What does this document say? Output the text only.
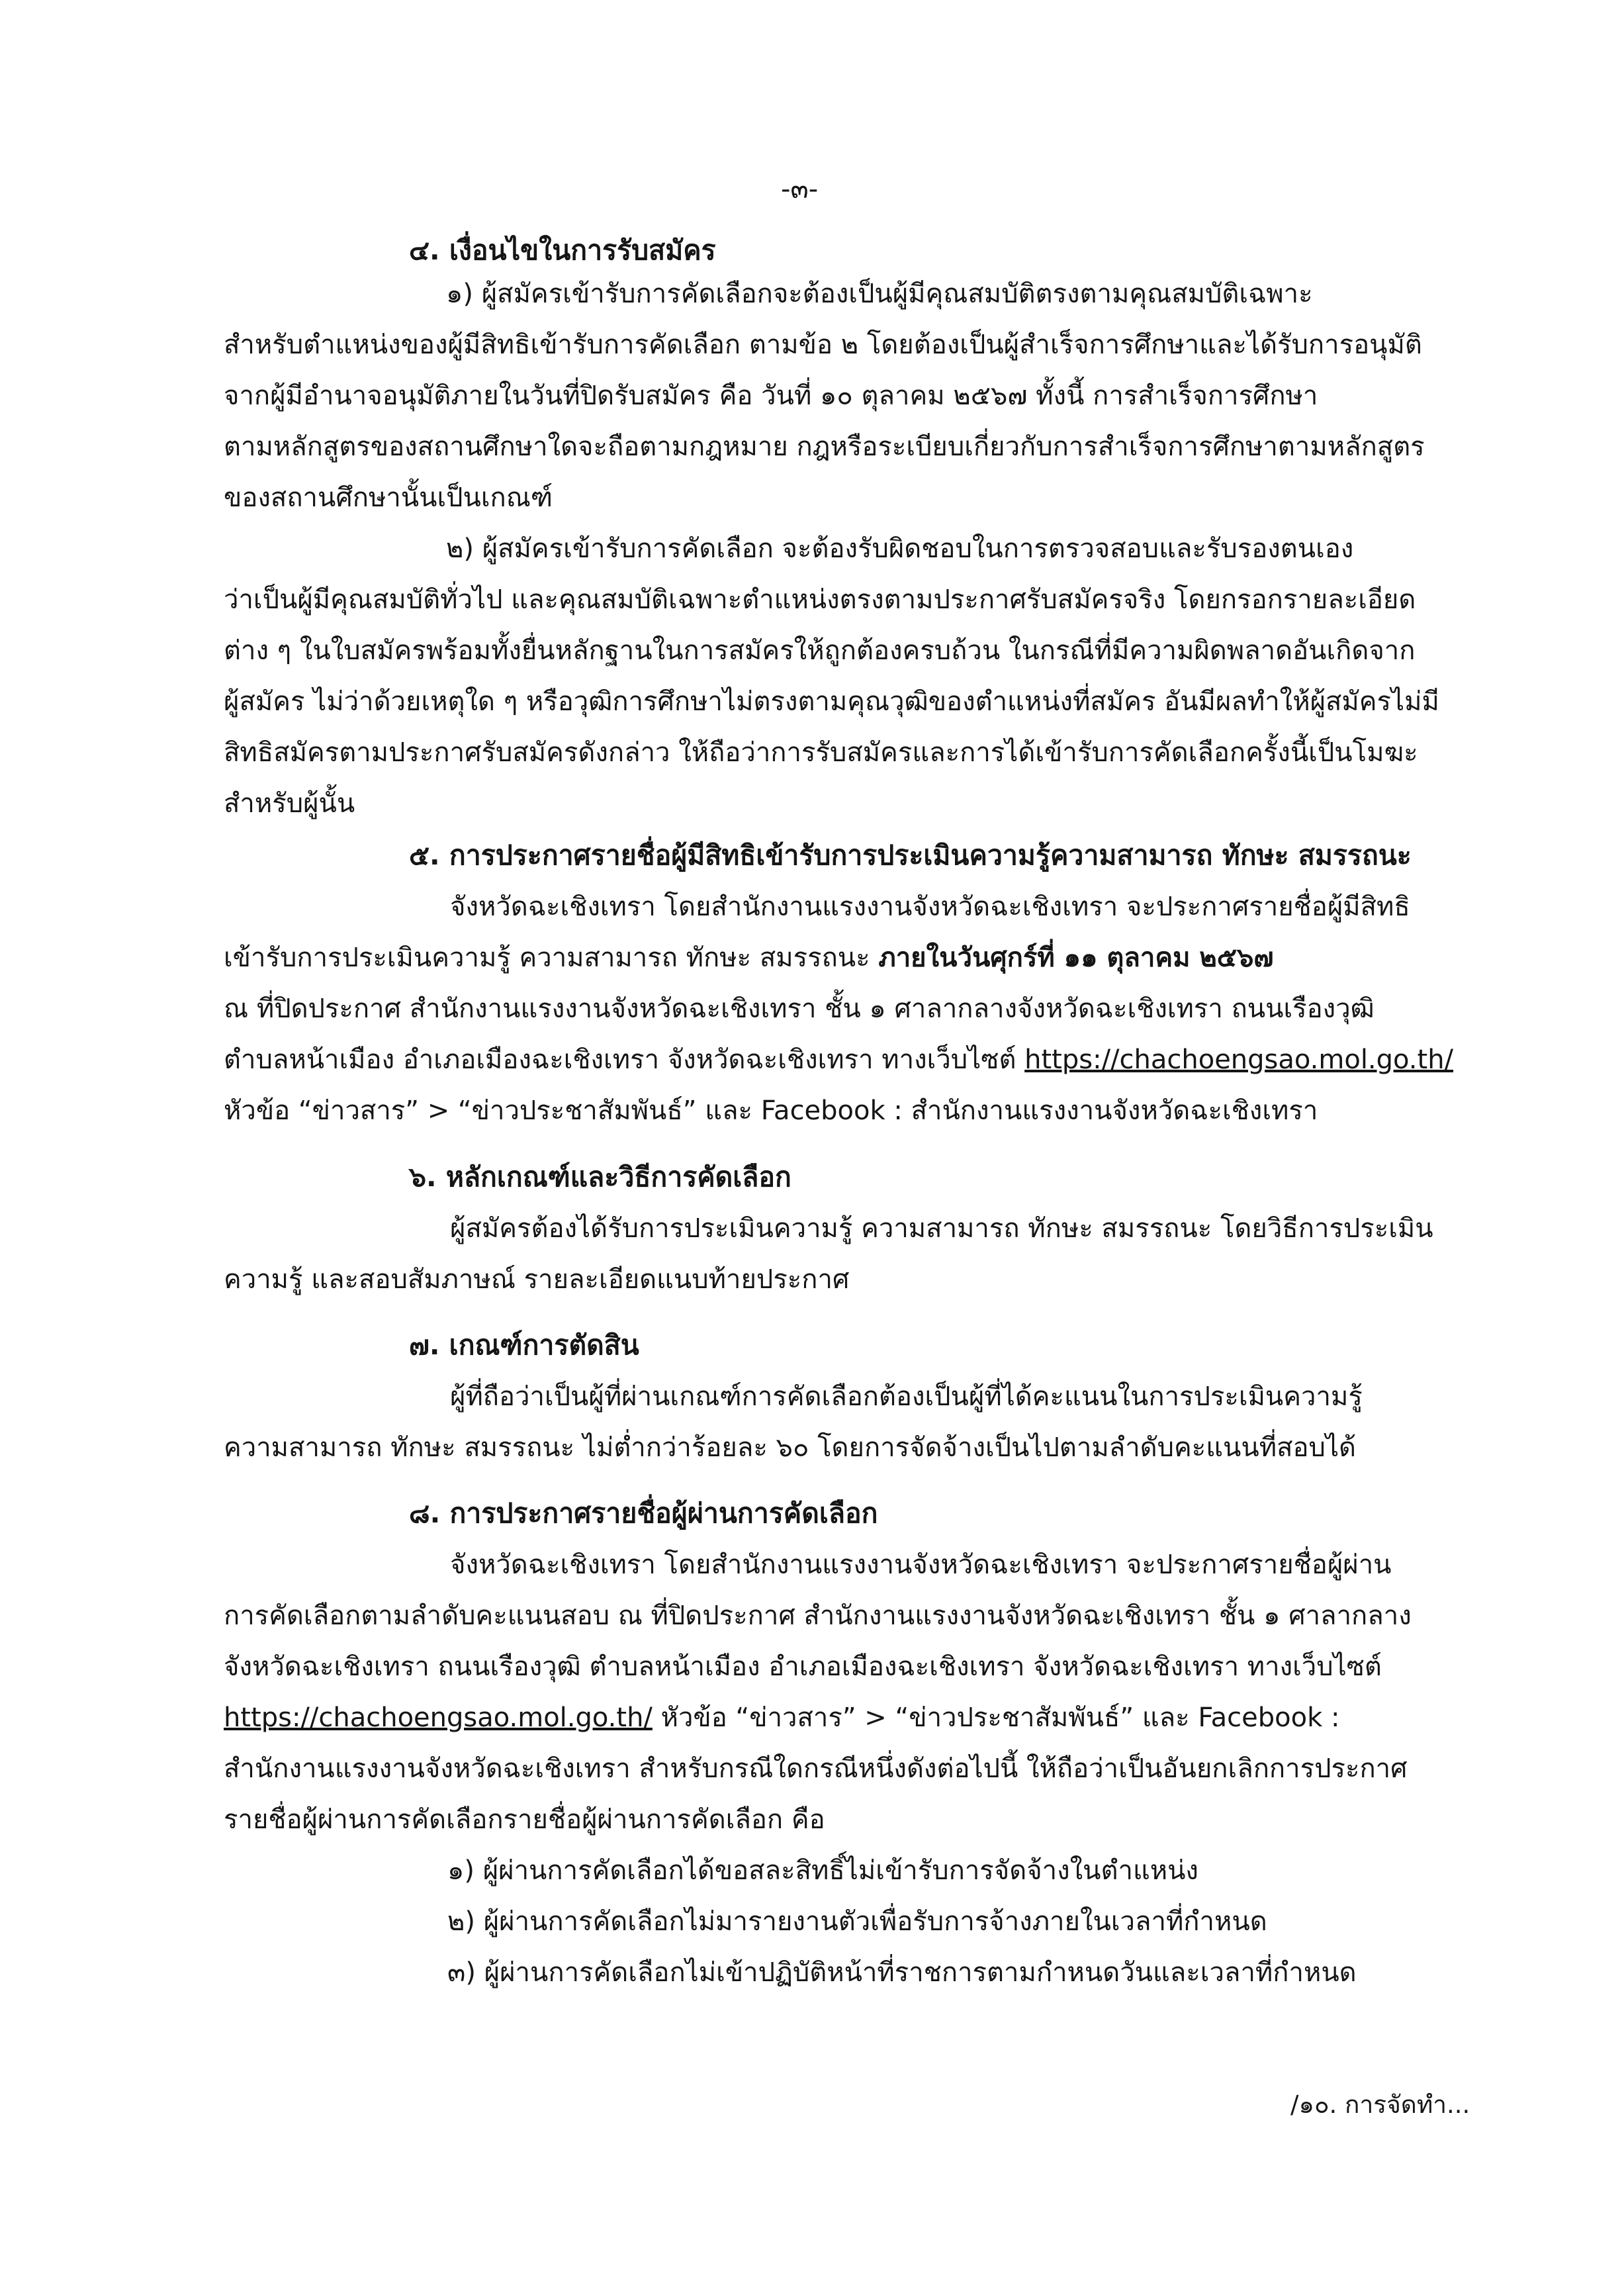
-๓-
๔. เงื่อนไขในการรับสมัคร
๑) ผู้สมัครเข้ารับการคัดเลือกจะต้องเป็นผู้มีคุณสมบัติตรงตามคุณสมบัติเฉพาะ
สำหรับตำแหน่งของผู้มีสิทธิเข้ารับการคัดเลือก ตามข้อ ๒ โดยต้องเป็นผู้สำเร็จการศึกษาและได้รับการอนุมัติ
จากผู้มีอำนาจอนุมัติภายในวันที่ปิดรับสมัคร คือ วันที่ ๑๐ ตุลาคม ๒๕๖๗ ทั้งนี้ การสำเร็จการศึกษา
ตามหลักสูตรของสถานศึกษาใดจะถือตามกฎหมาย กฎหรือระเบียบเกี่ยวกับการสำเร็จการศึกษาตามหลักสูตร
ของสถานศึกษานั้นเป็นเกณฑ์
๒) ผู้สมัครเข้ารับการคัดเลือก จะต้องรับผิดชอบในการตรวจสอบและรับรองตนเอง
ว่าเป็นผู้มีคุณสมบัติทั่วไป และคุณสมบัติเฉพาะตำแหน่งตรงตามประกาศรับสมัครจริง โดยกรอกรายละเอียด
ต่าง ๆ ในใบสมัครพร้อมทั้งยื่นหลักฐานในการสมัครให้ถูกต้องครบถ้วน ในกรณีที่มีความผิดพลาดอันเกิดจาก
ผู้สมัคร ไม่ว่าด้วยเหตุใด ๆ หรือวุฒิการศึกษาไม่ตรงตามคุณวุฒิของตำแหน่งที่สมัคร อันมีผลทำให้ผู้สมัครไม่มี
สิทธิสมัครตามประกาศรับสมัครดังกล่าว ให้ถือว่าการรับสมัครและการได้เข้ารับการคัดเลือกครั้งนี้เป็นโมฆะ
สำหรับผู้นั้น
๕. การประกาศรายชื่อผู้มีสิทธิเข้ารับการประเมินความรู้ความสามารถ ทักษะ สมรรถนะ
จังหวัดฉะเชิงเทรา โดยสำนักงานแรงงานจังหวัดฉะเชิงเทรา จะประกาศรายชื่อผู้มีสิทธิ
เข้ารับการประเมินความรู้ ความสามารถ ทักษะ สมรรถนะ ภายในวันศุกร์ที่ ๑๑ ตุลาคม ๒๕๖๗
ณ ที่ปิดประกาศ สำนักงานแรงงานจังหวัดฉะเชิงเทรา ชั้น ๑ ศาลากลางจังหวัดฉะเชิงเทรา ถนนเรืองวุฒิ
ตำบลหน้าเมือง อำเภอเมืองฉะเชิงเทรา จังหวัดฉะเชิงเทรา ทางเว็บไซต์ https://chachoengsao.mol.go.th/
หัวข้อ “ข่าวสาร” > “ข่าวประชาสัมพันธ์” และ Facebook : สำนักงานแรงงานจังหวัดฉะเชิงเทรา
๖. หลักเกณฑ์และวิธีการคัดเลือก
ผู้สมัครต้องได้รับการประเมินความรู้ ความสามารถ ทักษะ สมรรถนะ โดยวิธีการประเมิน
ความรู้ และสอบสัมภาษณ์ รายละเอียดแนบท้ายประกาศ
๗. เกณฑ์การตัดสิน
ผู้ที่ถือว่าเป็นผู้ที่ผ่านเกณฑ์การคัดเลือกต้องเป็นผู้ที่ได้คะแนนในการประเมินความรู้
ความสามารถ ทักษะ สมรรถนะ ไม่ต่ำกว่าร้อยละ ๖๐ โดยการจัดจ้างเป็นไปตามลำดับคะแนนที่สอบได้
๘. การประกาศรายชื่อผู้ผ่านการคัดเลือก
จังหวัดฉะเชิงเทรา โดยสำนักงานแรงงานจังหวัดฉะเชิงเทรา จะประกาศรายชื่อผู้ผ่าน
การคัดเลือกตามลำดับคะแนนสอบ ณ ที่ปิดประกาศ สำนักงานแรงงานจังหวัดฉะเชิงเทรา ชั้น ๑ ศาลากลาง
จังหวัดฉะเชิงเทรา ถนนเรืองวุฒิ ตำบลหน้าเมือง อำเภอเมืองฉะเชิงเทรา จังหวัดฉะเชิงเทรา ทางเว็บไซต์
https://chachoengsao.mol.go.th/ หัวข้อ “ข่าวสาร” > “ข่าวประชาสัมพันธ์” และ Facebook :
สำนักงานแรงงานจังหวัดฉะเชิงเทรา สำหรับกรณีใดกรณีหนึ่งดังต่อไปนี้ ให้ถือว่าเป็นอันยกเลิกการประกาศ
รายชื่อผู้ผ่านการคัดเลือกรายชื่อผู้ผ่านการคัดเลือก คือ
๑) ผู้ผ่านการคัดเลือกได้ขอสละสิทธิ์ไม่เข้ารับการจัดจ้างในตำแหน่ง
๒) ผู้ผ่านการคัดเลือกไม่มารายงานตัวเพื่อรับการจ้างภายในเวลาที่กำหนด
๓) ผู้ผ่านการคัดเลือกไม่เข้าปฏิบัติหน้าที่ราชการตามกำหนดวันและเวลาที่กำหนด
/๑๐. การจัดทำ...
